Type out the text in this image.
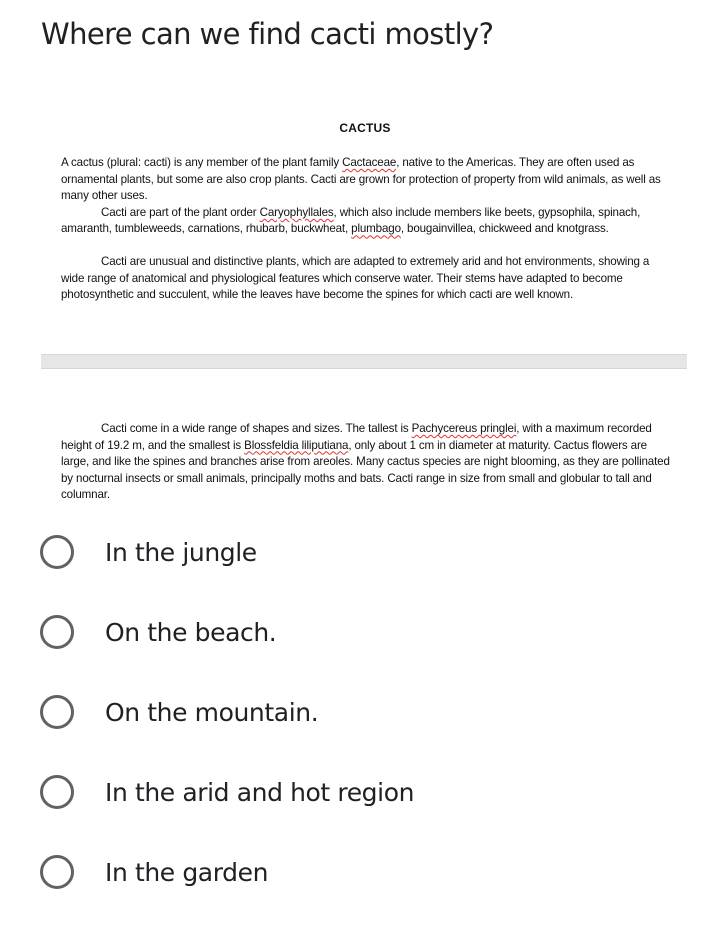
Where can we find cacti mostly?
CACTUS

A cactus (plural: cacti) is any member of the plant family Cactaceae, native to the Americas. They are often used as ornamental plants, but some are also crop plants. Cacti are grown for protection of property from wild animals, as well as many other uses.

Cacti are part of the plant order Caryophyllales, which also include members like beets, gypsophila, spinach, amaranth, tumbleweeds, carnations, rhubarb, buckwheat, plumbago, bougainvillea, chickweed and knotgrass.

Cacti are unusual and distinctive plants, which are adapted to extremely arid and hot environments, showing a wide range of anatomical and physiological features which conserve water. Their stems have adapted to become photosynthetic and succulent, while the leaves have become the spines for which cacti are well known.

Cacti come in a wide range of shapes and sizes. The tallest is Pachycereus pringlei, with a maximum recorded height of 19.2 m, and the smallest is Blossfeldia liliputiana, only about 1 cm in diameter at maturity. Cactus flowers are large, and like the spines and branches arise from areoles. Many cactus species are night blooming, as they are pollinated by nocturnal insects or small animals, principally moths and bats. Cacti range in size from small and globular to tall and columnar.

In the jungle
On the beach.
On the mountain.
In the arid and hot region
In the garden
